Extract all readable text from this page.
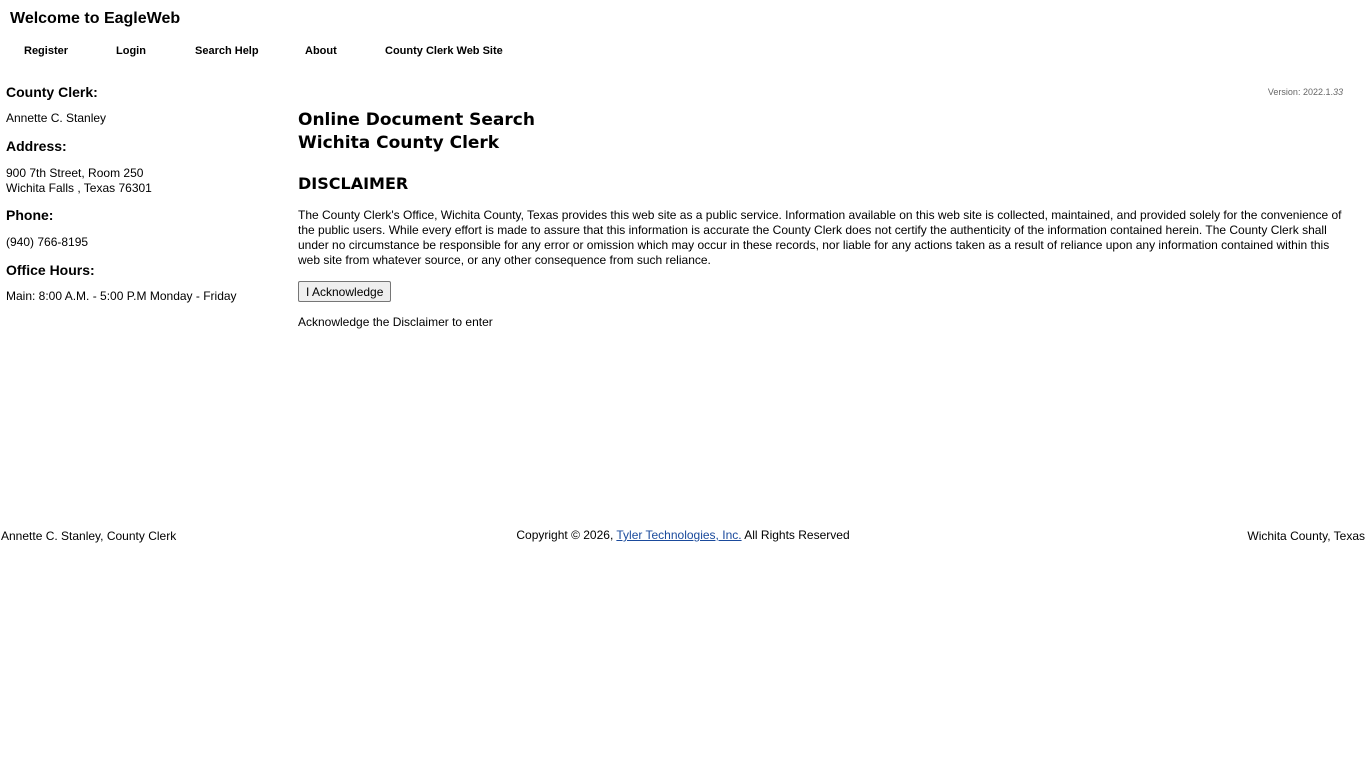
Welcome to EagleWeb
Register	Login	Search Help	About	County Clerk Web Site
County Clerk:
Annette C. Stanley
Address:
900 7th Street, Room 250
Wichita Falls , Texas 76301
Phone:
(940) 766-8195
Office Hours:
Main: 8:00 A.M. - 5:00 P.M Monday - Friday
Version: 2022.1.33
Online Document Search
Wichita County Clerk
DISCLAIMER
The County Clerk's Office, Wichita County, Texas provides this web site as a public service. Information available on this web site is collected, maintained, and provided solely for the convenience of the public users. While every effort is made to assure that this information is accurate the County Clerk does not certify the authenticity of the information contained herein. The County Clerk shall under no circumstance be responsible for any error or omission which may occur in these records, nor liable for any actions taken as a result of reliance upon any information contained within this web site from whatever source, or any other consequence from such reliance.
I Acknowledge
Acknowledge the Disclaimer to enter
Annette C. Stanley, County Clerk	Copyright © 2026, Tyler Technologies, Inc. All Rights Reserved	Wichita County, Texas
